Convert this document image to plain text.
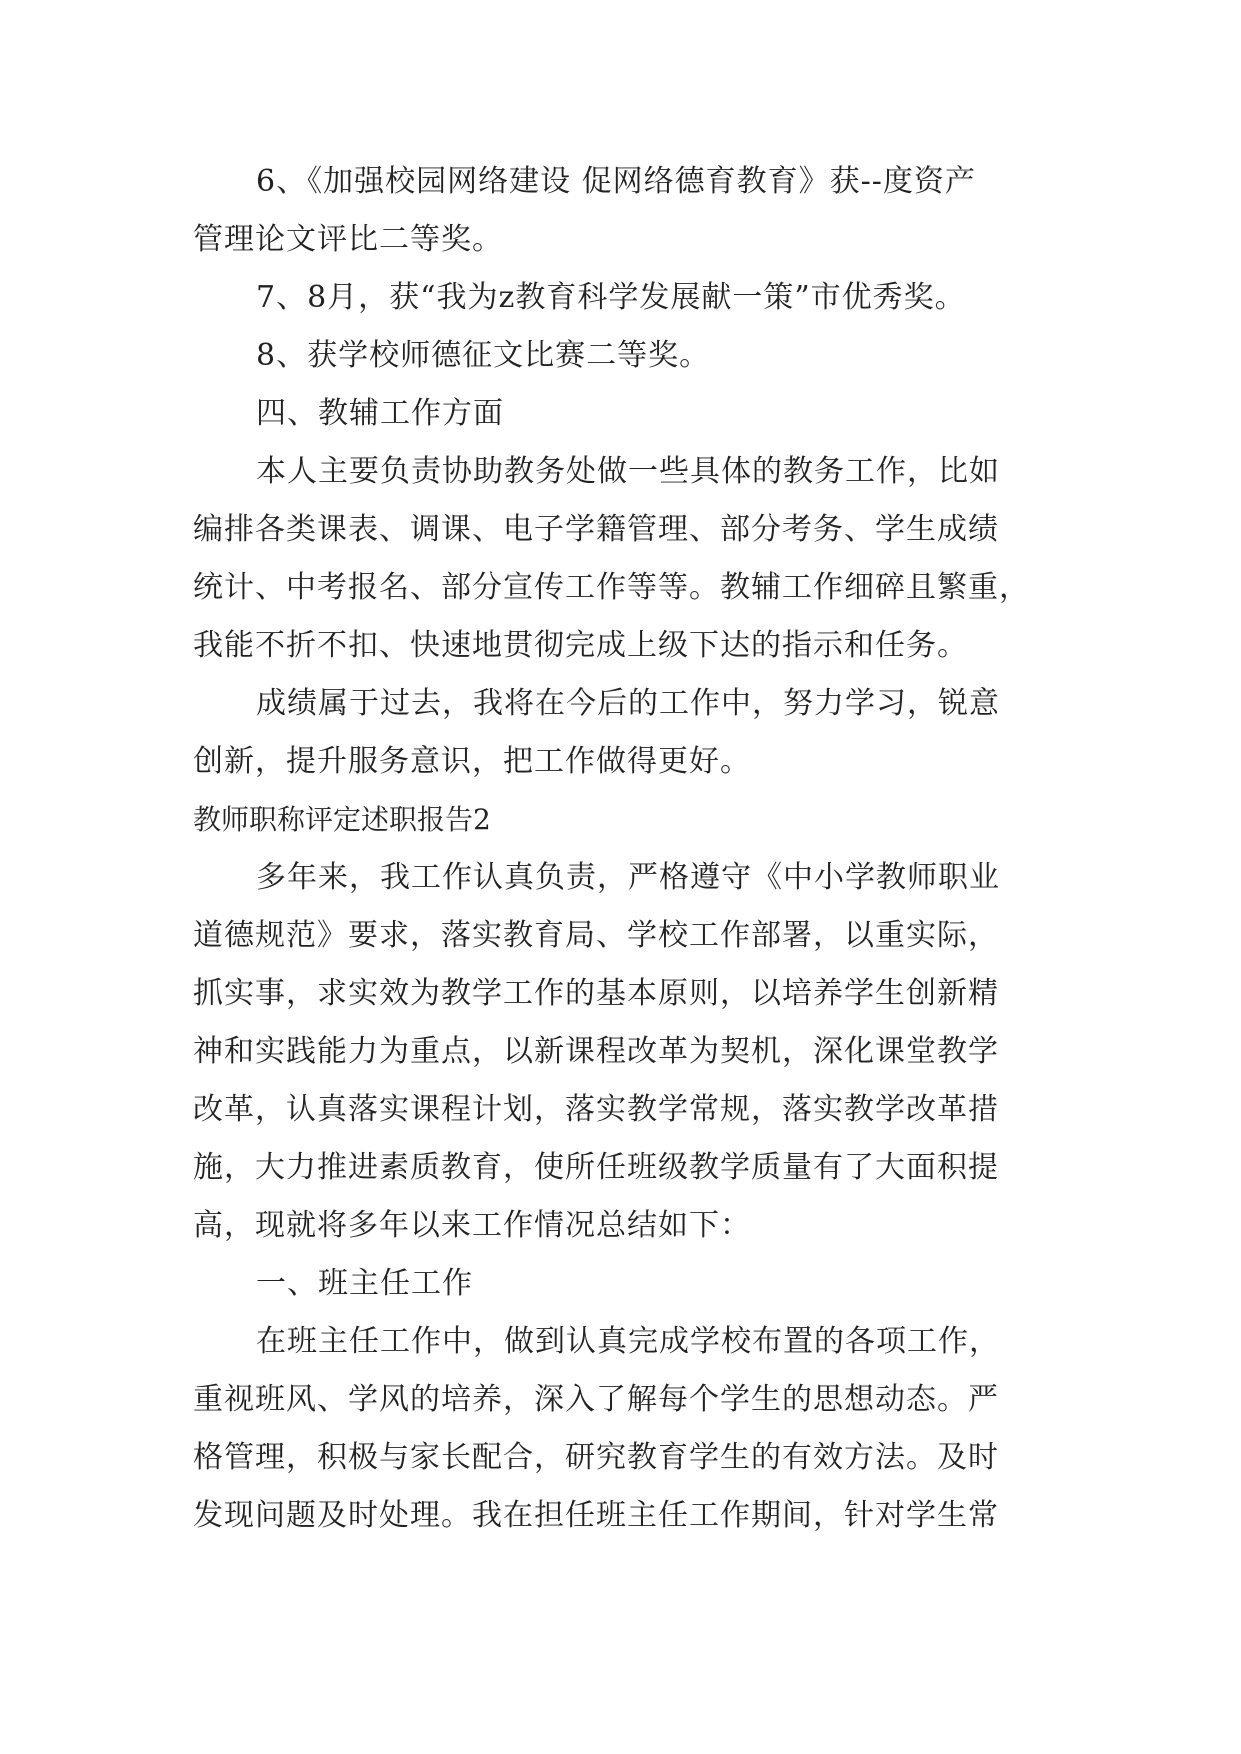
6、《加强校园网络建设 促网络德育教育》获--度资产
管理论文评比二等奖。
7、8月，获“我为z教育科学发展献一策”市优秀奖。
8、获学校师德征文比赛二等奖。
四、教辅工作方面
本人主要负责协助教务处做一些具体的教务工作，比如
编排各类课表、调课、电子学籍管理、部分考务、学生成绩
统计、中考报名、部分宣传工作等等。教辅工作细碎且繁重，
我能不折不扣、快速地贯彻完成上级下达的指示和任务。
成绩属于过去，我将在今后的工作中，努力学习，锐意
创新，提升服务意识，把工作做得更好。
教师职称评定述职报告2
多年来，我工作认真负责，严格遵守《中小学教师职业
道德规范》要求，落实教育局、学校工作部署，以重实际，
抓实事，求实效为教学工作的基本原则，以培养学生创新精
神和实践能力为重点，以新课程改革为契机，深化课堂教学
改革，认真落实课程计划，落实教学常规，落实教学改革措
施，大力推进素质教育，使所任班级教学质量有了大面积提
高，现就将多年以来工作情况总结如下：
一、班主任工作
在班主任工作中，做到认真完成学校布置的各项工作，
重视班风、学风的培养，深入了解每个学生的思想动态。严
格管理，积极与家长配合，研究教育学生的有效方法。及时
发现问题及时处理。我在担任班主任工作期间，针对学生常
